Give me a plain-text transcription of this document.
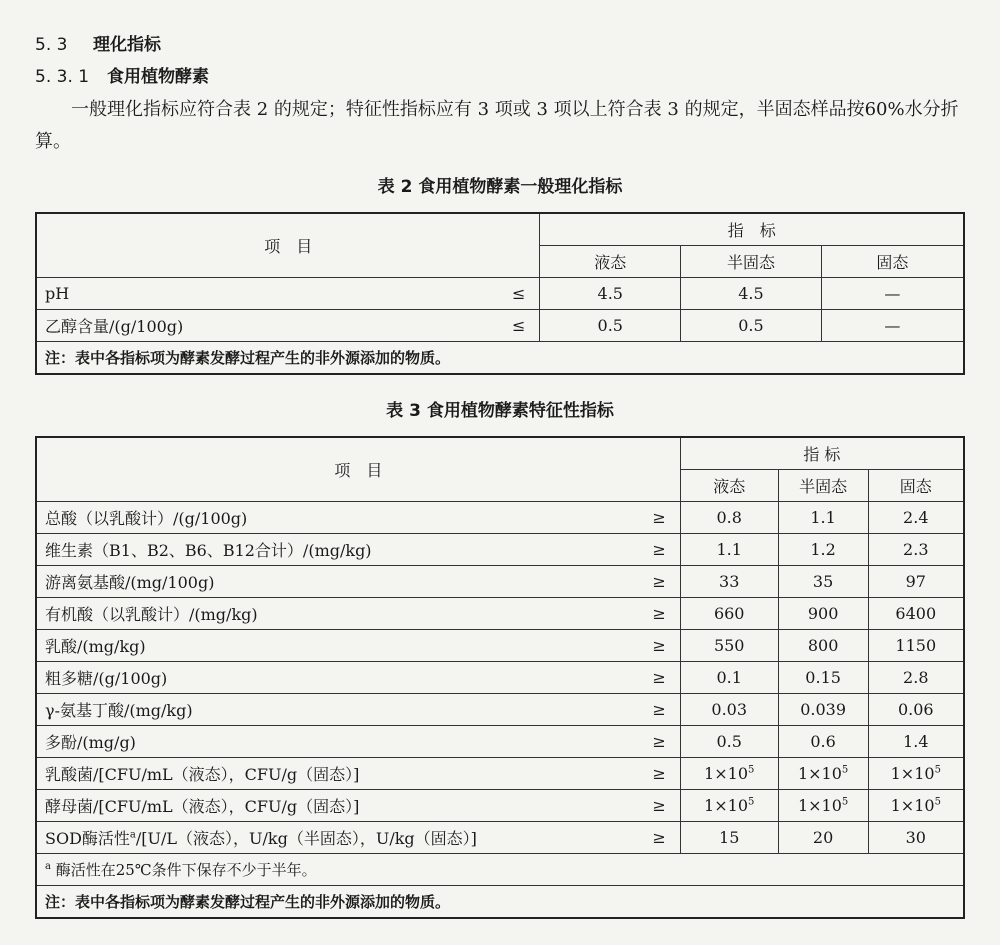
5. 3 理化指标
5. 3. 1 食用植物酵素
一般理化指标应符合表 2 的规定；特征性指标应有 3 项或 3 项以上符合表 3 的规定，半固态样品按60%水分折算。
表 2 食用植物酵素一般理化指标
项　目		指　标		
		液态	半固态	固态
pH	≤	4.5	4.5	—
乙醇含量/(g/100g)	≤	0.5	0.5	—
注：表中各指标项为酵素发酵过程产生的非外源添加的物质。				
表 3 食用植物酵素特征性指标
项　目		指 标		
		液态	半固态	固态
总酸（以乳酸计）/(g/100g)	≥	0.8	1.1	2.4
维生素（B1、B2、B6、B12合计）/(mg/kg)	≥	1.1	1.2	2.3
游离氨基酸/(mg/100g)	≥	33	35	97
有机酸（以乳酸计）/(mg/kg)	≥	660	900	6400
乳酸/(mg/kg)	≥	550	800	1150
粗多糖/(g/100g)	≥	0.1	0.15	2.8
γ-氨基丁酸/(mg/kg)	≥	0.03	0.039	0.06
多酚/(mg/g)	≥	0.5	0.6	1.4
乳酸菌/[CFU/mL（液态），CFU/g（固态）]	≥	$1\times 10^5$	$1\times 10^5$	$1\times 10^5$
酵母菌/[CFU/mL（液态），CFU/g（固态）]	≥	$1\times 10^5$	$1\times 10^5$	$1\times 10^5$
SOD酶活性$^a$/[U/L（液态），U/kg（半固态），U/kg（固态）]	≥	15	20	30
$^a$ 酶活性在25℃条件下保存不少于半年。				
注：表中各指标项为酵素发酵过程产生的非外源添加的物质。				
